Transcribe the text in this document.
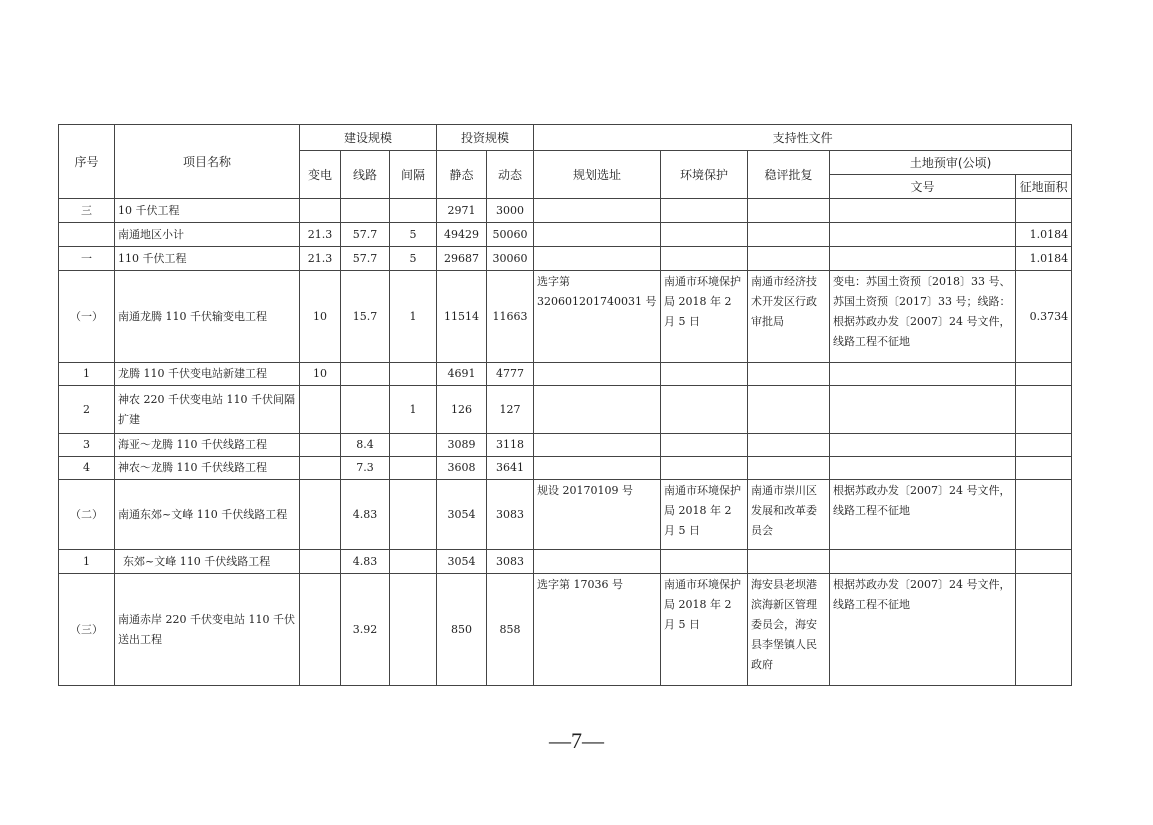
序号	项目名称	建设规模			投资规模		支持性文件				
		变电	线路	间隔	静态	动态	规划选址	环境保护	稳评批复	土地预审(公顷)	
										文号	征地面积
三	10 千伏工程				2971	3000					
	南通地区小计	21.3	57.7	5	49429	50060					1.0184
一	110 千伏工程	21.3	57.7	5	29687	30060					1.0184
（一）	南通龙腾 110 千伏输变电工程	10	15.7	1	11514	11663	选字第320601201740031 号	南通市环境保护局 2018 年 2 月 5 日	南通市经济技术开发区行政审批局	变电：苏国土资预〔2018〕33 号、苏国土资预〔2017〕33 号；线路：根据苏政办发〔2007〕24 号文件，线路工程不征地	0.3734
1	龙腾 110 千伏变电站新建工程	10			4691	4777					
2	神农 220 千伏变电站 110 千伏间隔扩建			1	126	127					
3	海亚～龙腾 110 千伏线路工程		8.4		3089	3118					
4	神农～龙腾 110 千伏线路工程		7.3		3608	3641					
（二）	南通东郊~文峰 110 千伏线路工程		4.83		3054	3083	规设 20170109 号	南通市环境保护局 2018 年 2 月 5 日	南通市崇川区发展和改革委员会	根据苏政办发〔2007〕24 号文件，线路工程不征地	
1	东郊~文峰 110 千伏线路工程		4.83		3054	3083					
（三）	南通赤岸 220 千伏变电站 110 千伏送出工程		3.92		850	858	选字第 17036 号	南通市环境保护局 2018 年 2 月 5 日	海安县老坝港滨海新区管理委员会，海安县李堡镇人民政府	根据苏政办发〔2007〕24 号文件，线路工程不征地	
—7—
